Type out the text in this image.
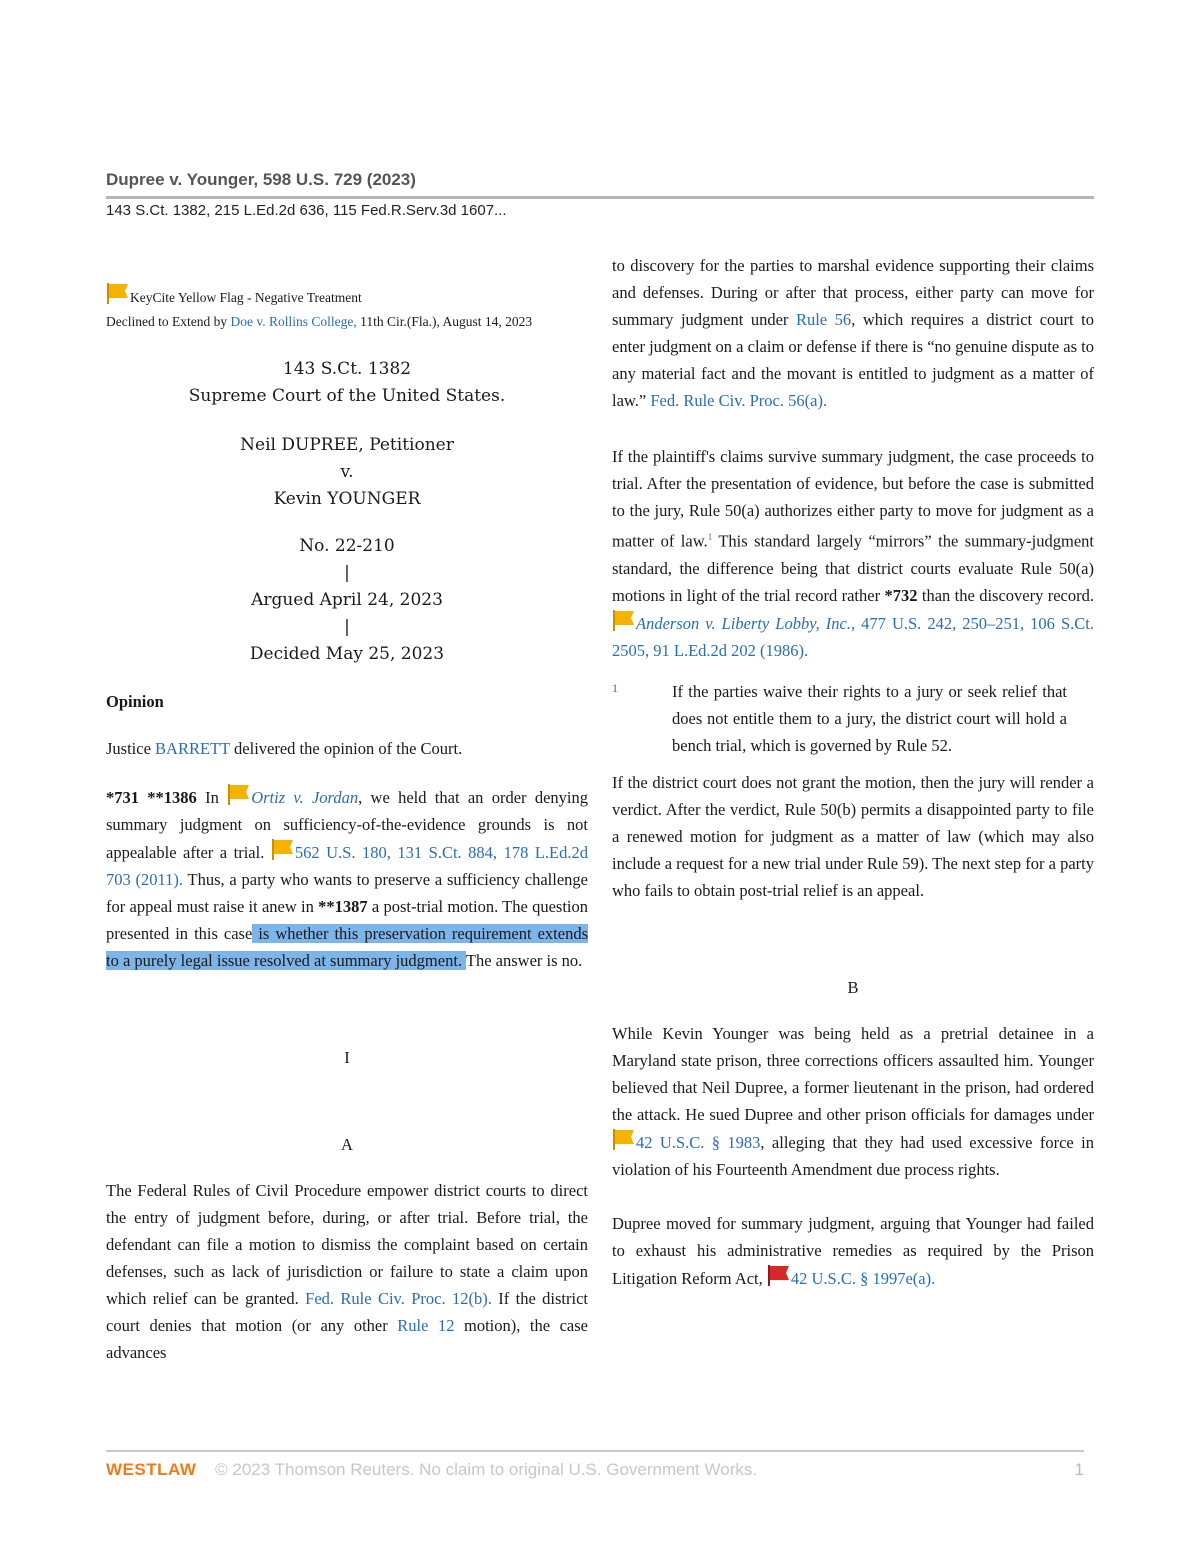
Dupree v. Younger, 598 U.S. 729 (2023)
143 S.Ct. 1382, 215 L.Ed.2d 636, 115 Fed.R.Serv.3d 1607...

KeyCite Yellow Flag - Negative Treatment
Declined to Extend by Doe v. Rollins College, 11th Cir.(Fla.), August 14, 2023

143 S.Ct. 1382
Supreme Court of the United States.
Neil DUPREE, Petitioner
v.
Kevin YOUNGER
No. 22-210
|
Argued April 24, 2023
|
Decided May 25, 2023

Opinion

Justice BARRETT delivered the opinion of the Court.

*731 **1386 In Ortiz v. Jordan, we held that an order denying summary judgment on sufficiency-of-the-evidence grounds is not appealable after a trial. 562 U.S. 180, 131 S.Ct. 884, 178 L.Ed.2d 703 (2011). Thus, a party who wants to preserve a sufficiency challenge for appeal must raise it anew in **1387 a post-trial motion. The question presented in this case is whether this preservation requirement extends to a purely legal issue resolved at summary judgment. The answer is no.

I

A

The Federal Rules of Civil Procedure empower district courts to direct the entry of judgment before, during, or after trial. Before trial, the defendant can file a motion to dismiss the complaint based on certain defenses, such as lack of jurisdiction or failure to state a claim upon which relief can be granted. Fed. Rule Civ. Proc. 12(b). If the district court denies that motion (or any other Rule 12 motion), the case advances

to discovery for the parties to marshal evidence supporting their claims and defenses. During or after that process, either party can move for summary judgment under Rule 56, which requires a district court to enter judgment on a claim or defense if there is “no genuine dispute as to any material fact and the movant is entitled to judgment as a matter of law.” Fed. Rule Civ. Proc. 56(a).

If the plaintiff's claims survive summary judgment, the case proceeds to trial. After the presentation of evidence, but before the case is submitted to the jury, Rule 50(a) authorizes either party to move for judgment as a matter of law.$^1$ This standard largely “mirrors” the summary-judgment standard, the difference being that district courts evaluate Rule 50(a) motions in light of the trial record rather *732 than the discovery record. Anderson v. Liberty Lobby, Inc., 477 U.S. 242, 250–251, 106 S.Ct. 2505, 91 L.Ed.2d 202 (1986).

1	If the parties waive their rights to a jury or seek relief that does not entitle them to a jury, the district court will hold a bench trial, which is governed by Rule 52.

If the district court does not grant the motion, then the jury will render a verdict. After the verdict, Rule 50(b) permits a disappointed party to file a renewed motion for judgment as a matter of law (which may also include a request for a new trial under Rule 59). The next step for a party who fails to obtain post-trial relief is an appeal.

B

While Kevin Younger was being held as a pretrial detainee in a Maryland state prison, three corrections officers assaulted him. Younger believed that Neil Dupree, a former lieutenant in the prison, had ordered the attack. He sued Dupree and other prison officials for damages under 42 U.S.C. § 1983, alleging that they had used excessive force in violation of his Fourteenth Amendment due process rights.

Dupree moved for summary judgment, arguing that Younger had failed to exhaust his administrative remedies as required by the Prison Litigation Reform Act, 42 U.S.C. § 1997e(a).

WESTLAW © 2023 Thomson Reuters. No claim to original U.S. Government Works.	1
